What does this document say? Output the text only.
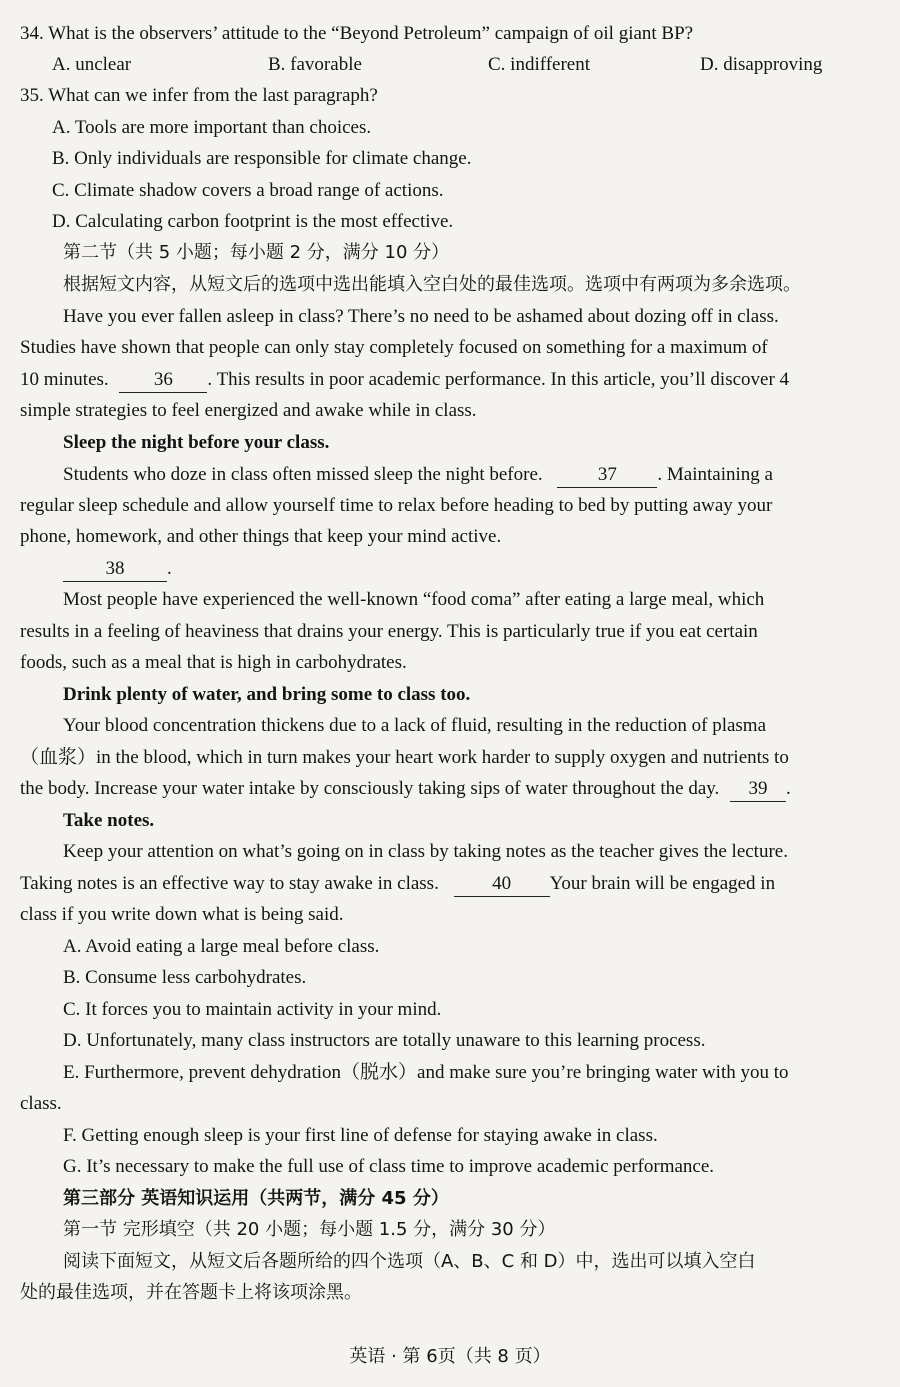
34. What is the observers’ attitude to the “Beyond Petroleum” campaign of oil giant BP?
A. unclear	B. favorable	C. indifferent	D. disapproving
35. What can we infer from the last paragraph?
A. Tools are more important than choices.
B. Only individuals are responsible for climate change.
C. Climate shadow covers a broad range of actions.
D. Calculating carbon footprint is the most effective.
第二节（共 5 小题；每小题 2 分，满分 10 分）
根据短文内容，从短文后的选项中选出能填入空白处的最佳选项。选项中有两项为多余选项。
Have you ever fallen asleep in class? There’s no need to be ashamed about dozing off in class.
Studies have shown that people can only stay completely focused on something for a maximum of
10 minutes. 36 . This results in poor academic performance. In this article, you’ll discover 4
simple strategies to feel energized and awake while in class.
Sleep the night before your class.
Students who doze in class often missed sleep the night before.	37 . Maintaining a
regular sleep schedule and allow yourself time to relax before heading to bed by putting away your
phone, homework, and other things that keep your mind active.
38 .
Most people have experienced the well-known “food coma” after eating a large meal, which
results in a feeling of heaviness that drains your energy. This is particularly true if you eat certain
foods, such as a meal that is high in carbohydrates.
Drink plenty of water, and bring some to class too.
Your blood concentration thickens due to a lack of fluid, resulting in the reduction of plasma
（血浆）in the blood, which in turn makes your heart work harder to supply oxygen and nutrients to
the body. Increase your water intake by consciously taking sips of water throughout the day. 39 .
Take notes.
Keep your attention on what’s going on in class by taking notes as the teacher gives the lecture.
Taking notes is an effective way to stay awake in class.	40 Your brain will be engaged in
class if you write down what is being said.
A. Avoid eating a large meal before class.
B. Consume less carbohydrates.
C. It forces you to maintain activity in your mind.
D. Unfortunately, many class instructors are totally unaware to this learning process.
E. Furthermore, prevent dehydration（脱水）and make sure you’re bringing water with you to
class.
F. Getting enough sleep is your first line of defense for staying awake in class.
G. It’s necessary to make the full use of class time to improve academic performance.
第三部分 英语知识运用（共两节，满分 45 分）
第一节 完形填空（共 20 小题；每小题 1.5 分，满分 30 分）
阅读下面短文，从短文后各题所给的四个选项（A、B、C 和 D）中，选出可以填入空白
处的最佳选项，并在答题卡上将该项涂黑。
英语 · 第 6页（共 8 页）
